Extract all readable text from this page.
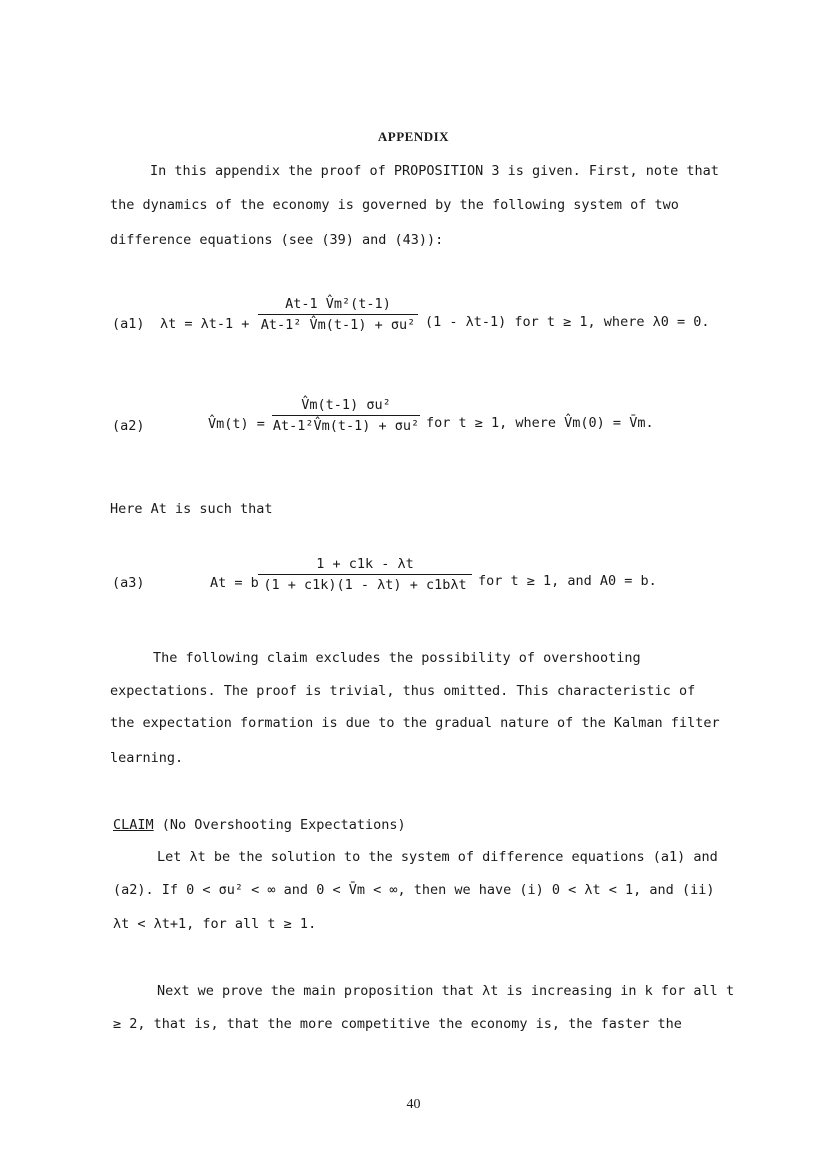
APPENDIX
In this appendix the proof of PROPOSITION 3 is given. First, note that
the dynamics of the economy is governed by the following system of two
difference equations (see (39) and (43)):
(a1) $\lambda t = \lambda t-1 + \frac{\text{At-1 V̂m²(t-1)}}{\text{At-1² V̂m(t-1) + σu²}} (1 - \lambda t-1)$ for t ≥ 1, where λ0 = 0.
(a2)	V̂m(t) = $\frac{\text{V̂m(t-1) σu²}}{\text{At-1²V̂m(t-1) + σu²}}$ for t ≥ 1, where V̂m(0) = V̄m.
Here At is such that
(a3)	At = b
1 + c1k - λt
(1 + c1k)(1 - λt) + c1bλt for t ≥ 1, and A0 = b.
The following claim excludes the possibility of overshooting
expectations. The proof is trivial, thus omitted. This characteristic of
the expectation formation is due to the gradual nature of the Kalman filter
learning.
CLAIM (No Overshooting Expectations)
Let λt be the solution to the system of difference equations (a1) and
(a2). If 0 < σu² < ∞ and 0 < V̄m < ∞, then we have (i) 0 < λt < 1, and (ii)
λt < λt+1, for all t ≥ 1.
Next we prove the main proposition that λt is increasing in k for all t
≥ 2, that is, that the more competitive the economy is, the faster the
40
